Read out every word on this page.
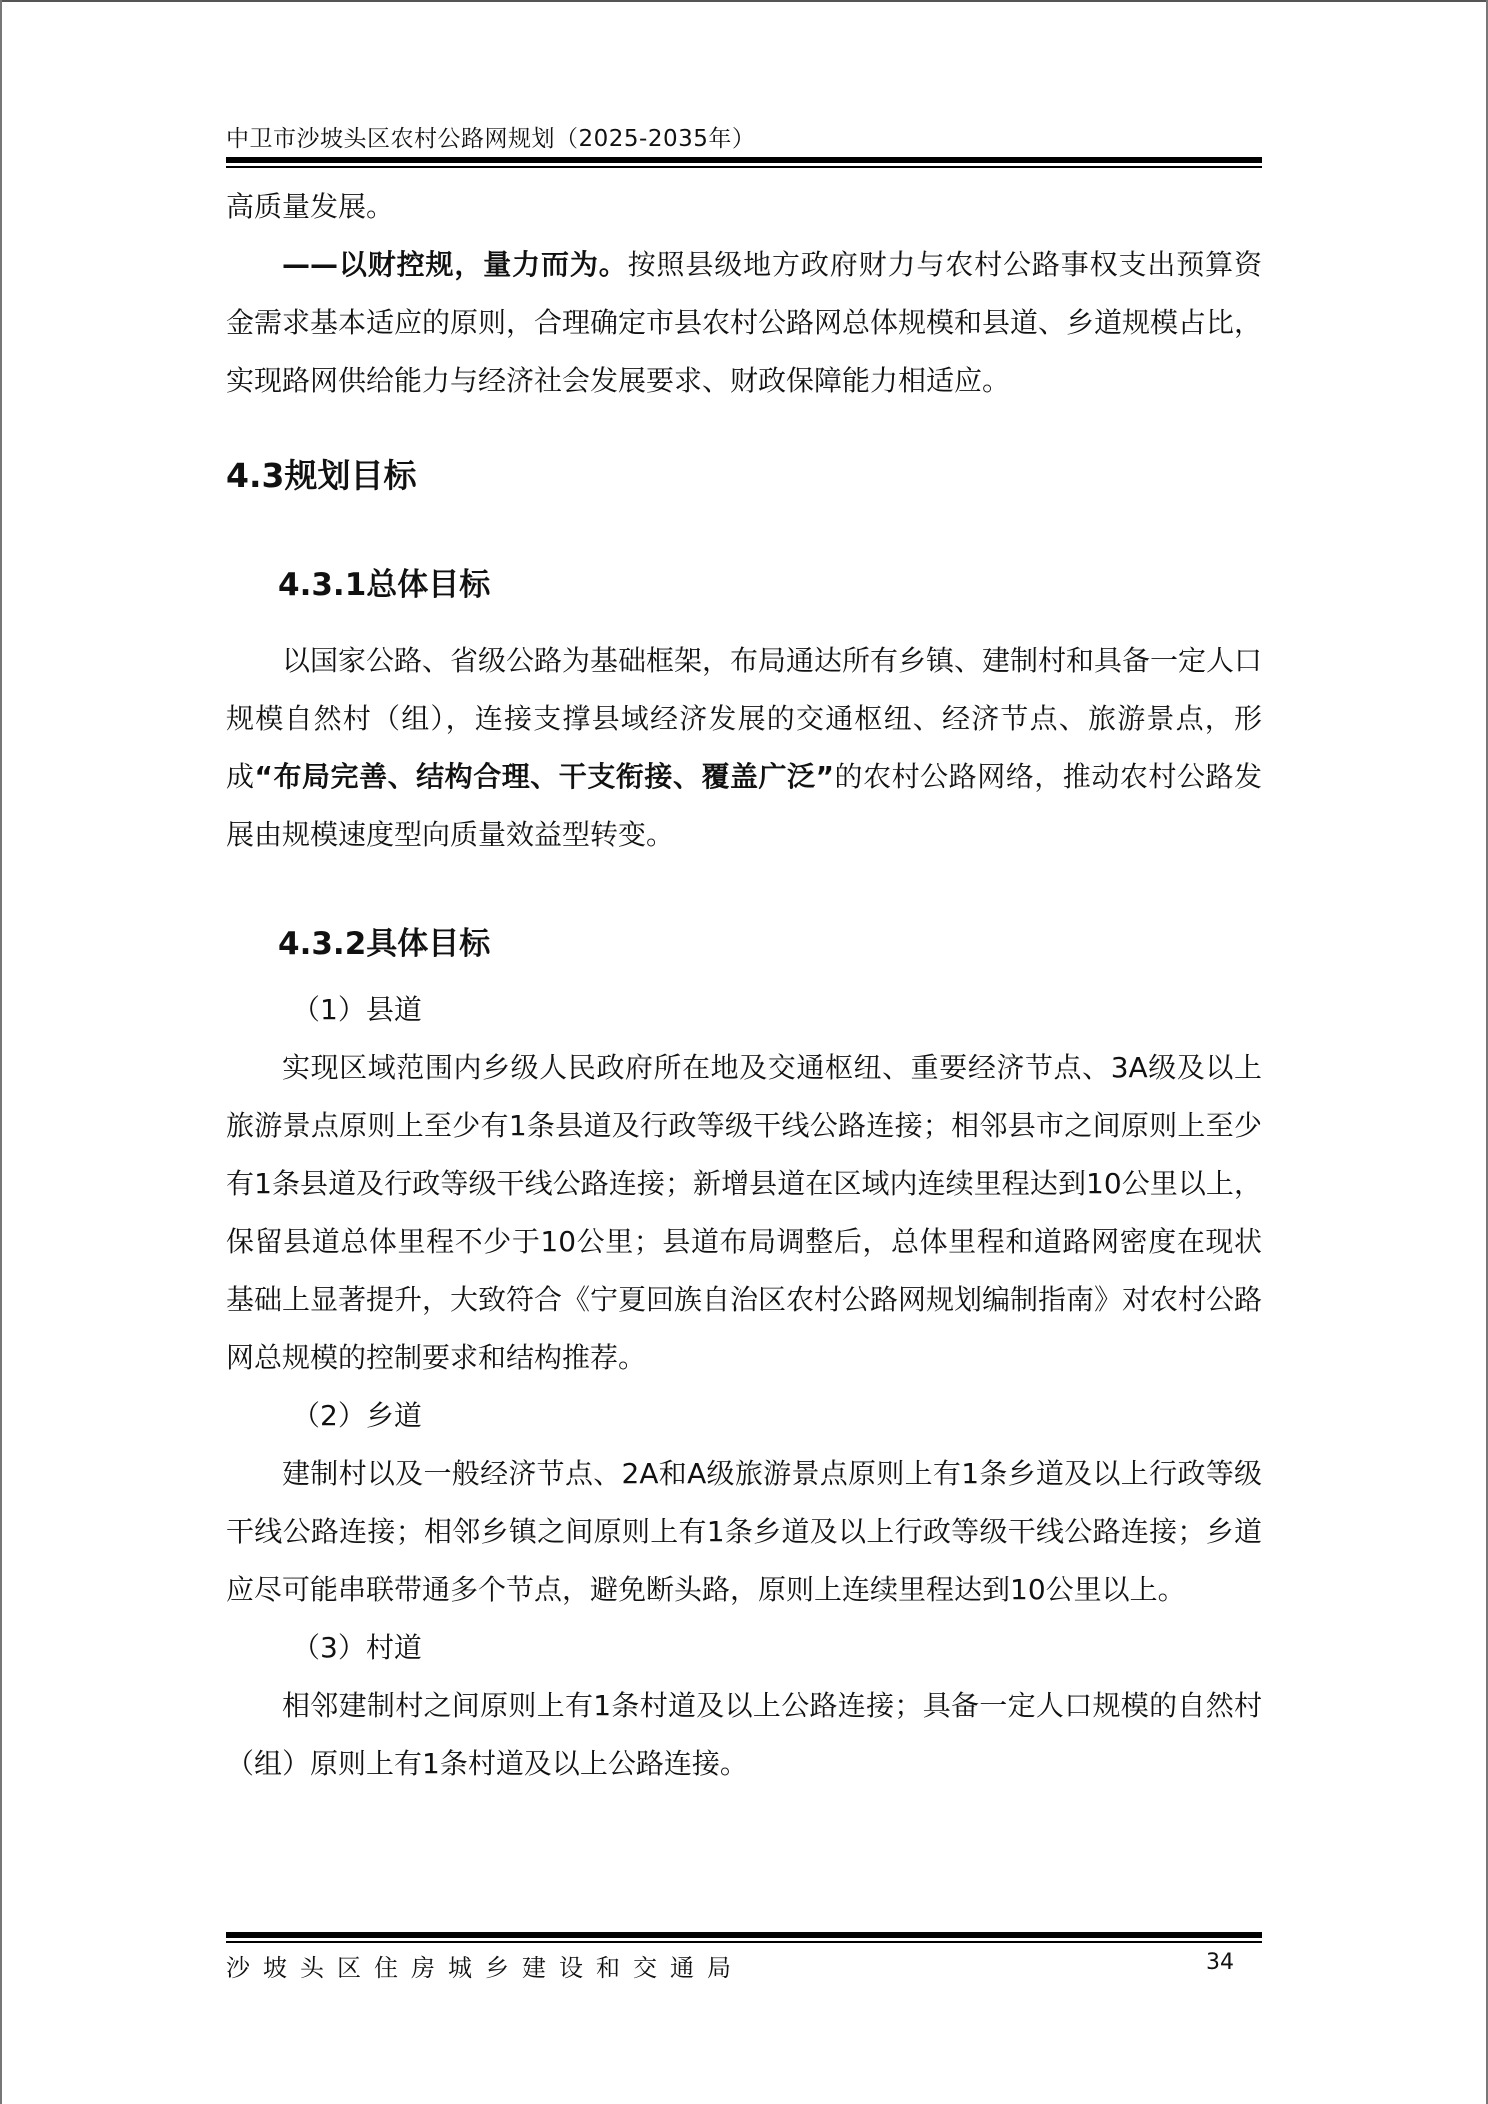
中卫市沙坡头区农村公路网规划（2025-2035年）

高质量发展。

——以财控规，量力而为。按照县级地方政府财力与农村公路事权支出预算资金需求基本适应的原则，合理确定市县农村公路网总体规模和县道、乡道规模占比，实现路网供给能力与经济社会发展要求、财政保障能力相适应。

4.3规划目标

4.3.1总体目标

以国家公路、省级公路为基础框架，布局通达所有乡镇、建制村和具备一定人口规模自然村（组），连接支撑县域经济发展的交通枢纽、经济节点、旅游景点，形成“布局完善、结构合理、干支衔接、覆盖广泛”的农村公路网络，推动农村公路发展由规模速度型向质量效益型转变。

4.3.2具体目标

（1）县道

实现区域范围内乡级人民政府所在地及交通枢纽、重要经济节点、3A级及以上旅游景点原则上至少有1条县道及行政等级干线公路连接；相邻县市之间原则上至少有1条县道及行政等级干线公路连接；新增县道在区域内连续里程达到10公里以上，保留县道总体里程不少于10公里；县道布局调整后，总体里程和道路网密度在现状基础上显著提升，大致符合《宁夏回族自治区农村公路网规划编制指南》对农村公路网总规模的控制要求和结构推荐。

（2）乡道

建制村以及一般经济节点、2A和A级旅游景点原则上有1条乡道及以上行政等级干线公路连接；相邻乡镇之间原则上有1条乡道及以上行政等级干线公路连接；乡道应尽可能串联带通多个节点，避免断头路，原则上连续里程达到10公里以上。

（3）村道

相邻建制村之间原则上有1条村道及以上公路连接；具备一定人口规模的自然村（组）原则上有1条村道及以上公路连接。

沙坡头区住房城乡建设和交通局	34
